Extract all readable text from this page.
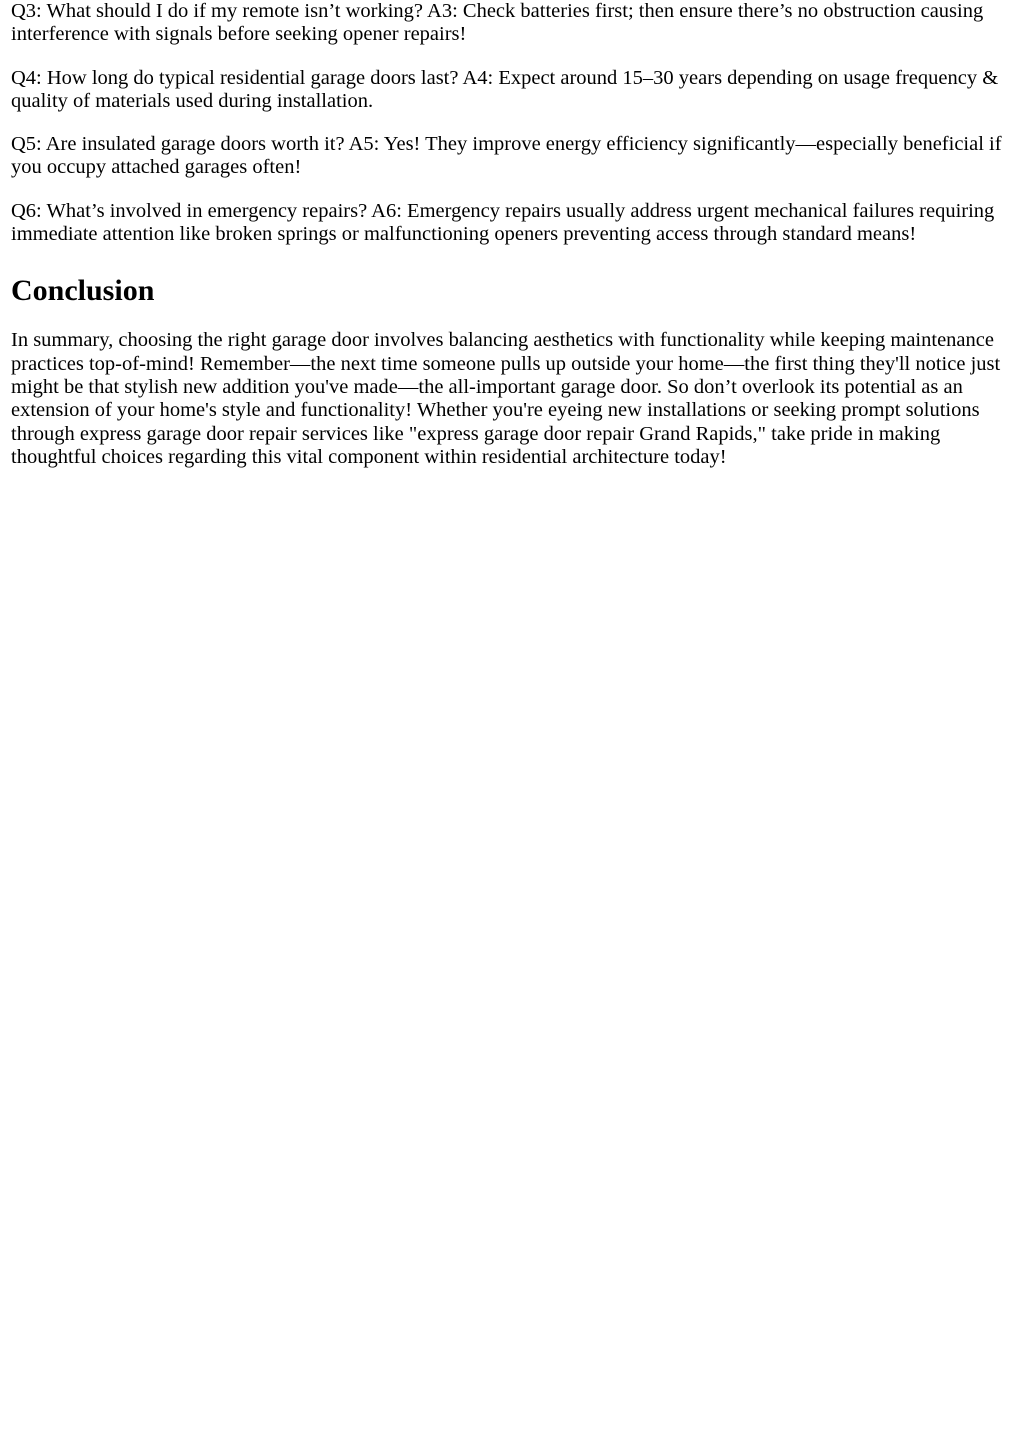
Q3: What should I do if my remote isn’t working? A3: Check batteries first; then ensure there’s no obstruction causing interference with signals before seeking opener repairs!

Q4: How long do typical residential garage doors last? A4: Expect around 15–30 years depending on usage frequency & quality of materials used during installation.

Q5: Are insulated garage doors worth it? A5: Yes! They improve energy efficiency significantly—especially beneficial if you occupy attached garages often!

Q6: What’s involved in emergency repairs? A6: Emergency repairs usually address urgent mechanical failures requiring immediate attention like broken springs or malfunctioning openers preventing access through standard means!

Conclusion

In summary, choosing the right garage door involves balancing aesthetics with functionality while keeping maintenance practices top-of-mind! Remember—the next time someone pulls up outside your home—the first thing they'll notice just might be that stylish new addition you've made—the all-important garage door. So don’t overlook its potential as an extension of your home's style and functionality! Whether you're eyeing new installations or seeking prompt solutions through express garage door repair services like "express garage door repair Grand Rapids," take pride in making thoughtful choices regarding this vital component within residential architecture today!
